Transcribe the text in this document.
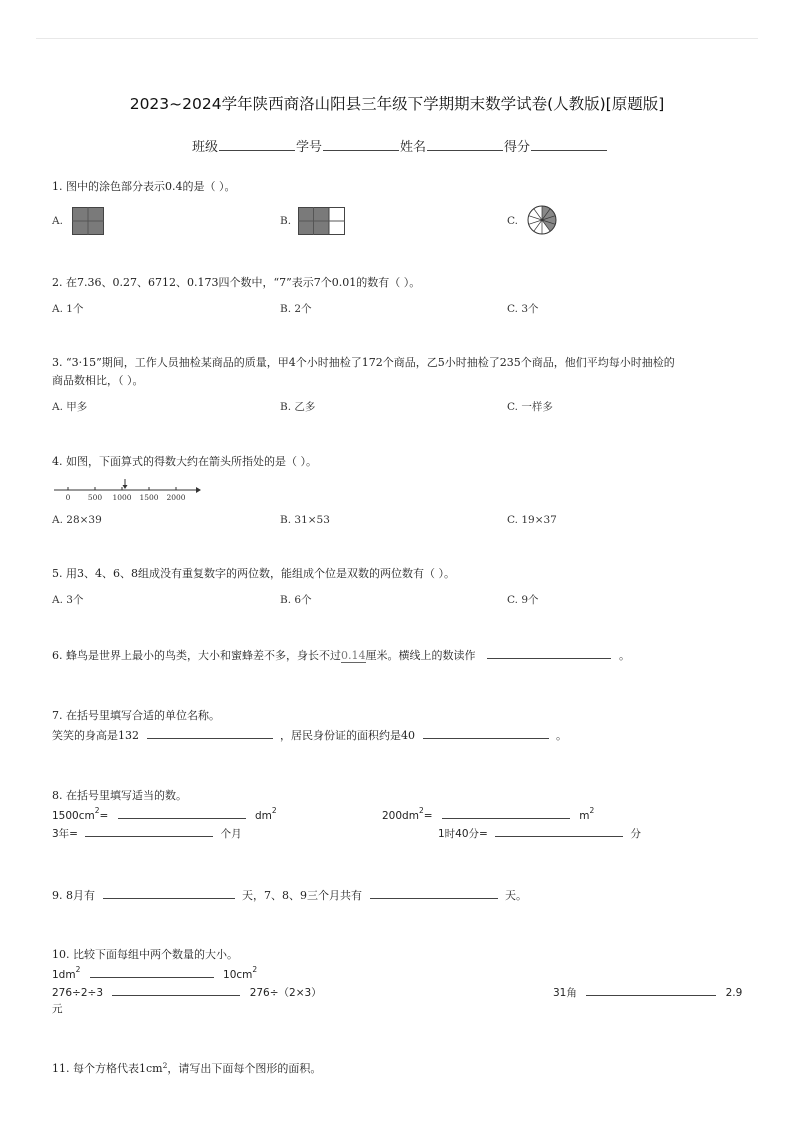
2023~2024学年陕西商洛山阳县三年级下学期期末数学试卷(人教版)[原题版]
班级	学号	姓名	得分
1. 图中的涂色部分表示0.4的是（ ）。
A.	B.	C.
2. 在7.36、0.27、6712、0.173四个数中，“7”表示7个0.01的数有（ ）。
A. 1个	B. 2个	C. 3个
3. “3·15”期间，工作人员抽检某商品的质量，甲4个小时抽检了172个商品，乙5小时抽检了235个商品，他们平均每小时抽检的
商品数相比，（ ）。
A. 甲多	B. 乙多	C. 一样多
4. 如图，下面算式的得数大约在箭头所指处的是（ ）。
0 500 1000 1500 2000
A. 28×39	B. 31×53	C. 19×37
5. 用3、4、6、8组成没有重复数字的两位数，能组成个位是双数的两位数有（ ）。
A. 3个	B. 6个	C. 9个
6. 蜂鸟是世界上最小的鸟类，大小和蜜蜂差不多，身长不过0.14厘米。横线上的数读作	。
7. 在括号里填写合适的单位名称。
笑笑的身高是132	，居民身份证的面积约是40	。
8. 在括号里填写适当的数。
$1500cm^2=$	$dm^2$	$200dm^2=$	$m^2$
3年=	个月	1时40分=	分
9. 8月有	天，7、8、9三个月共有	天。
10. 比较下面每组中两个数量的大小。
$1dm^2$	$10cm^2$
276÷2÷3	276÷（2×3）	31角	2.9
元
11. 每个方格代表$1cm^2$，请写出下面每个图形的面积。
